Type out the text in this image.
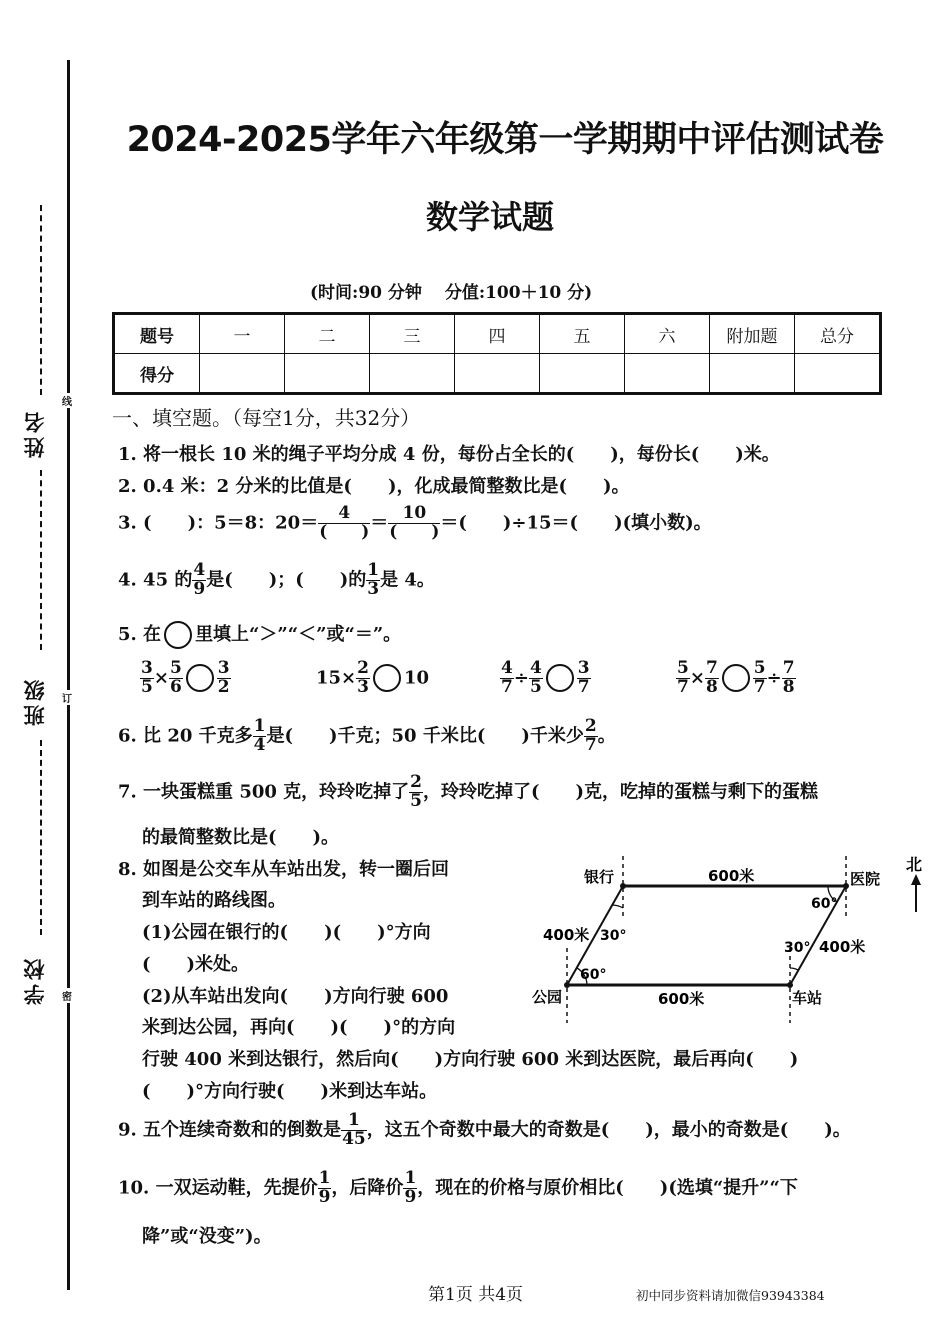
姓名
班级
学校
线
订
密
2024-2025学年六年级第一学期期中评估测试卷
数学试题
(时间:90 分钟　 分值:100＋10 分)
题号	一	二	三	四	五	六	附加题	总分
得分								
一、填空题。（每空1分，共32分）
1. 将一根长 10 米的绳子平均分成 4 份，每份占全长的(　　)，每份长(　　)米。
2. 0.4 米：2 分米的比值是(　　)，化成最简整数比是(　　)。
3. (　　)：5＝8：$20= \frac{4}{( )} = \frac{10}{( )}$ ＝(　　)÷15＝(　　)(填小数)。
4. 45 的 $\frac{4}{9}$ 是(　　)；(　　)的 $\frac{1}{3}$ 是 4。
5. 在 里填上“＞”“＜”或“＝”。
$\frac{3}{5} \times \frac{5}{6} \frac{3}{2}$	$15\times \frac{2}{3} 10$	$\frac{4}{7} \div \frac{4}{5} \frac{3}{7}$	$\frac{5}{7} \times \frac{7}{8} \frac{5}{7} \div \frac{7}{8}$
6. 比 20 千克多 $\frac{1}{4}$ 是(　　)千克；50 千米比(　　)千米少 $\frac{2}{7}$ 。
7. 一块蛋糕重 500 克，玲玲吃掉了 $\frac{2}{5}$ ，玲玲吃掉了(　　)克，吃掉的蛋糕与剩下的蛋糕
的最简整数比是(　　)。
8. 如图是公交车从车站出发，转一圈后回
到车站的路线图。
(1)公园在银行的(　　)(　　)°方向
(　　)米处。
(2)从车站出发向(　　)方向行驶 600
米到达公园，再向(　　)(　　)°的方向
行驶 400 米到达银行，然后向(　　)方向行驶 600 米到达医院，最后再向(　　)
(　　)°方向行驶(　　)米到达车站。
北
银行	医院
公园	车站
600米
600米
400米
400米
30°
60°
60°
30°
9. 五个连续奇数和的倒数是 $\frac{1}{45}$ ，这五个奇数中最大的奇数是(　　)，最小的奇数是(　　)。
10. 一双运动鞋，先提价 $\frac{1}{9}$ ，后降价 $\frac{1}{9}$ ，现在的价格与原价相比(　　)(选填“提升”“下
降”或“没变”)。
第1页 共4页	初中同步资料请加微信93943384
